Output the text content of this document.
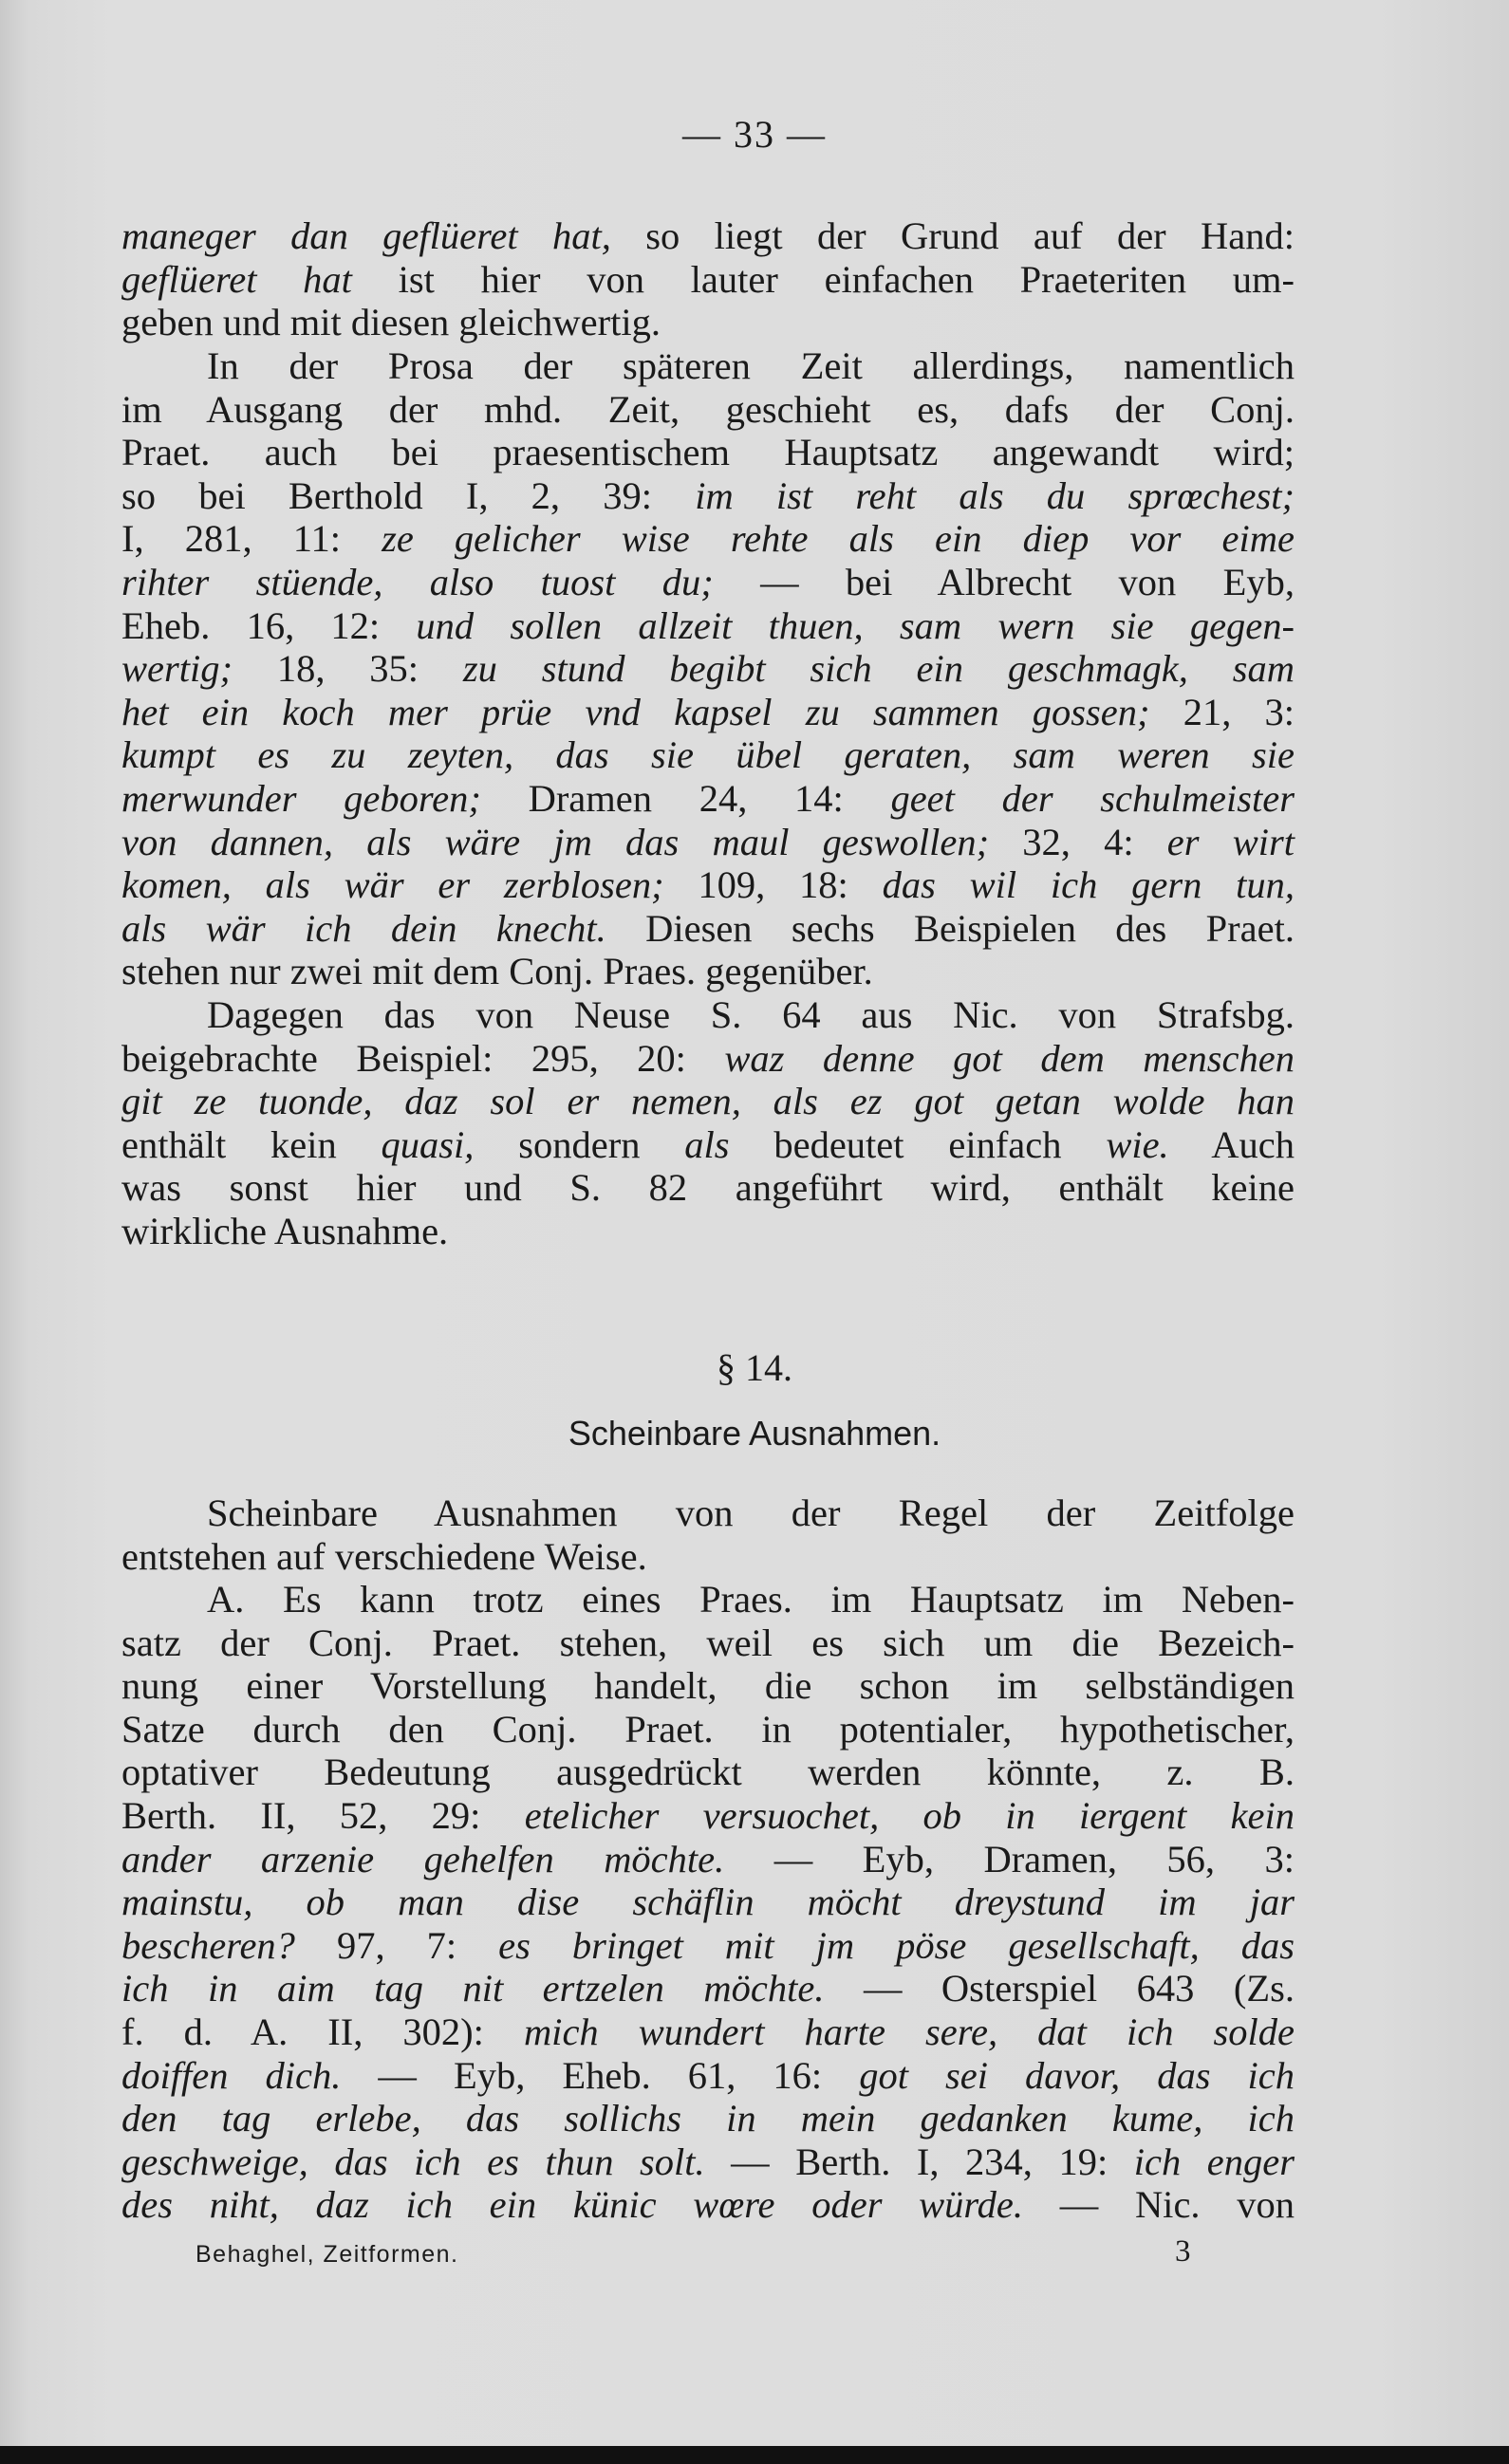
— 33 —
maneger dan geflüeret hat, so liegt der Grund auf der Hand:
geflüeret hat ist hier von lauter einfachen Praeteriten um-
geben und mit diesen gleichwertig.
In der Prosa der späteren Zeit allerdings, namentlich
im Ausgang der mhd. Zeit, geschieht es, dafs der Conj.
Praet. auch bei praesentischem Hauptsatz angewandt wird;
so bei Berthold I, 2, 39: im ist reht als du sprœchest;
I, 281, 11: ze gelicher wise rehte als ein diep vor eime
rihter stüende, also tuost du; — bei Albrecht von Eyb,
Eheb. 16, 12: und sollen allzeit thuen, sam wern sie gegen-
wertig; 18, 35: zu stund begibt sich ein geschmagk, sam
het ein koch mer prüe vnd kapsel zu sammen gossen; 21, 3:
kumpt es zu zeyten, das sie übel geraten, sam weren sie
merwunder geboren; Dramen 24, 14: geet der schulmeister
von dannen, als wäre jm das maul geswollen; 32, 4: er wirt
komen, als wär er zerblosen; 109, 18: das wil ich gern tun,
als wär ich dein knecht. Diesen sechs Beispielen des Praet.
stehen nur zwei mit dem Conj. Praes. gegenüber.
Dagegen das von Neuse S. 64 aus Nic. von Strafsbg.
beigebrachte Beispiel: 295, 20: waz denne got dem menschen
git ze tuonde, daz sol er nemen, als ez got getan wolde han
enthält kein quasi, sondern als bedeutet einfach wie. Auch
was sonst hier und S. 82 angeführt wird, enthält keine
wirkliche Ausnahme.
§ 14.
Scheinbare Ausnahmen.
Scheinbare Ausnahmen von der Regel der Zeitfolge
entstehen auf verschiedene Weise.
A. Es kann trotz eines Praes. im Hauptsatz im Neben-
satz der Conj. Praet. stehen, weil es sich um die Bezeich-
nung einer Vorstellung handelt, die schon im selbständigen
Satze durch den Conj. Praet. in potentialer, hypothetischer,
optativer Bedeutung ausgedrückt werden könnte, z. B.
Berth. II, 52, 29: etelicher versuochet, ob in iergent kein
ander arzenie gehelfen möchte. — Eyb, Dramen, 56, 3:
mainstu, ob man dise schäflin möcht dreystund im jar
bescheren? 97, 7: es bringet mit jm pöse gesellschaft, das
ich in aim tag nit ertzelen möchte. — Osterspiel 643 (Zs.
f. d. A. II, 302): mich wundert harte sere, dat ich solde
doiffen dich. — Eyb, Eheb. 61, 16: got sei davor, das ich
den tag erlebe, das sollichs in mein gedanken kume, ich
geschweige, das ich es thun solt. — Berth. I, 234, 19: ich enger
des niht, daz ich ein künic wœre oder würde. — Nic. von
Behaghel, Zeitformen.	3
